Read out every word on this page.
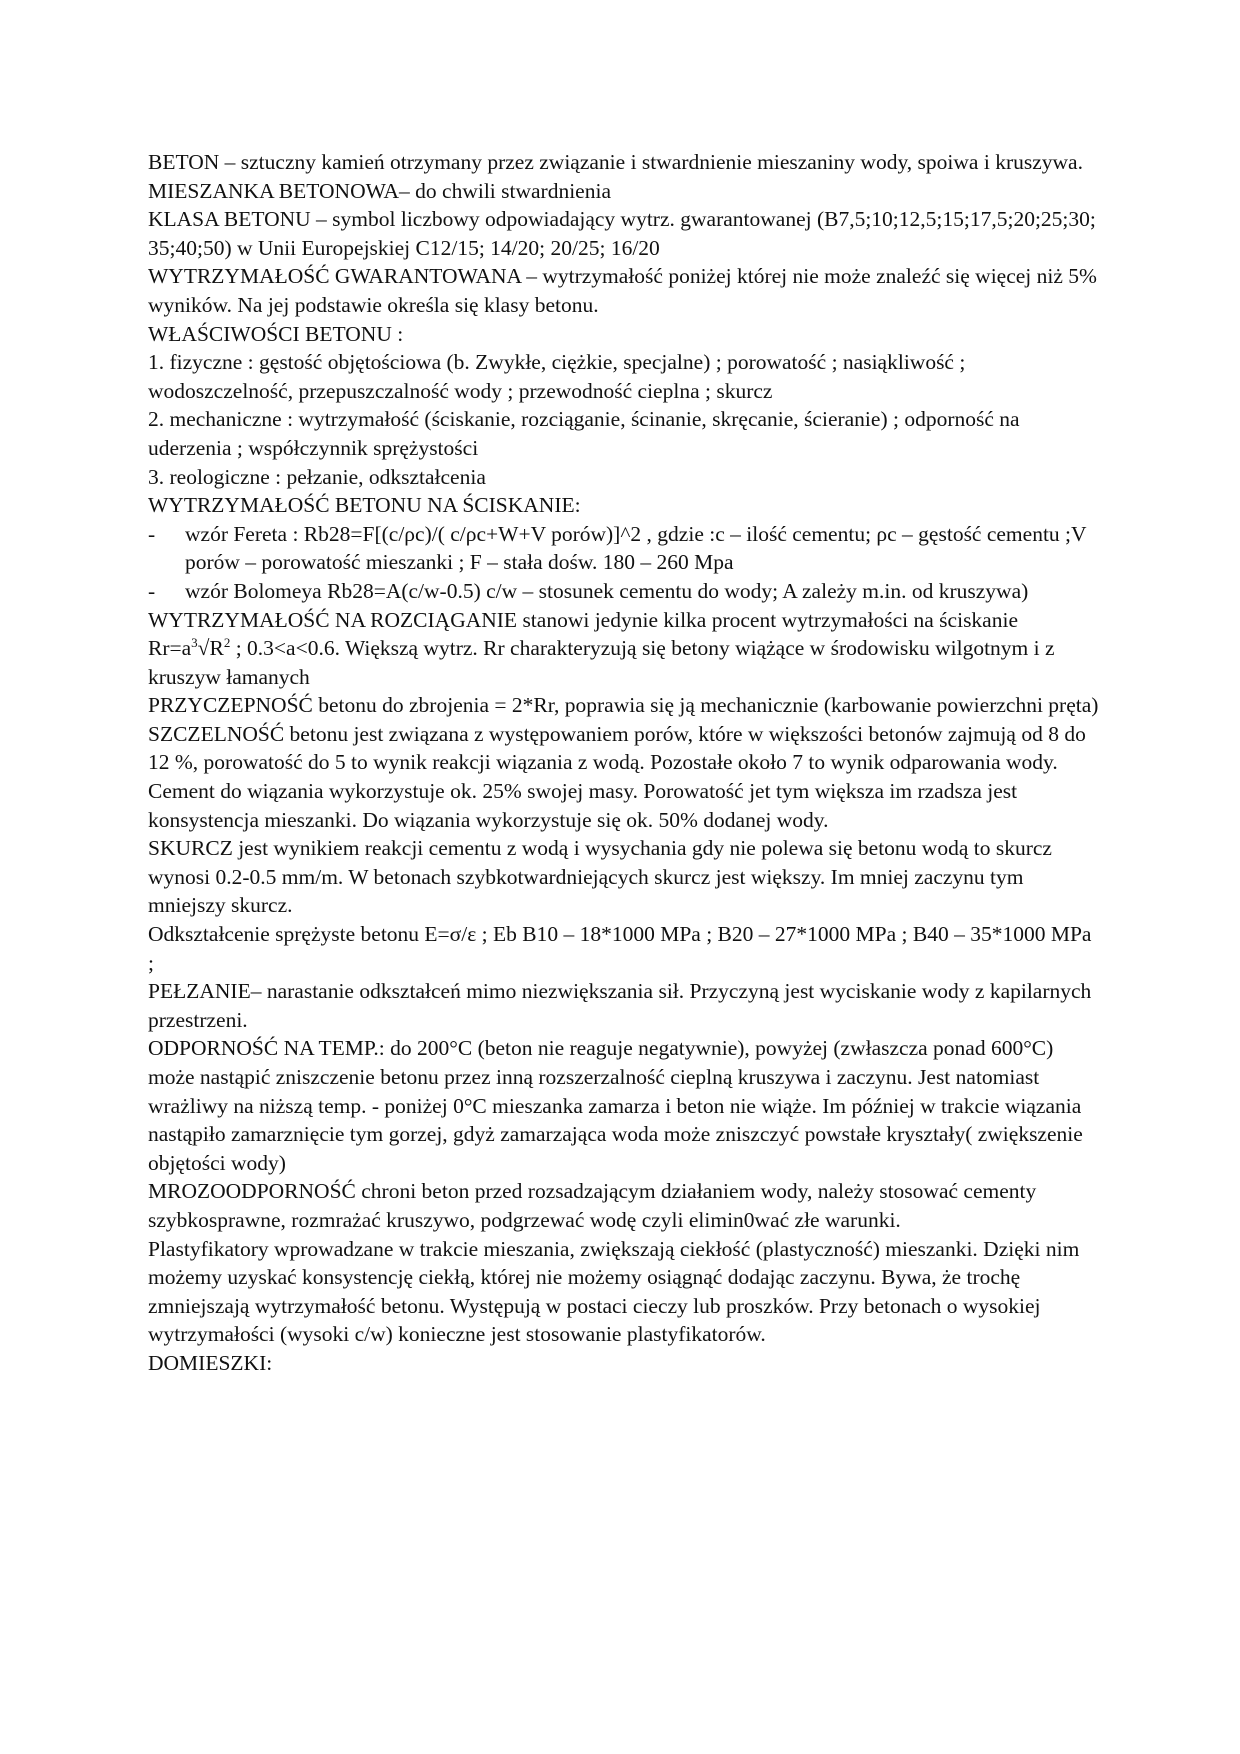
BETON – sztuczny kamień otrzymany przez związanie i stwardnienie mieszaniny wody, spoiwa i kruszywa.

MIESZANKA BETONOWA– do chwili stwardnienia

KLASA BETONU – symbol liczbowy odpowiadający wytrz. gwarantowanej (B7,5;10;12,5;15;17,5;20;25;30; 35;40;50) w Unii Europejskiej C12/15; 14/20; 20/25; 16/20

WYTRZYMAŁOŚĆ GWARANTOWANA – wytrzymałość poniżej której nie może znaleźć się więcej niż 5% wyników. Na jej podstawie określa się klasy betonu.

WŁAŚCIWOŚCI BETONU :

1. fizyczne : gęstość objętościowa (b. Zwykłe, ciężkie, specjalne) ; porowatość ; nasiąkliwość ; wodoszczelność, przepuszczalność wody ; przewodność cieplna ; skurcz

2. mechaniczne : wytrzymałość (ściskanie, rozciąganie, ścinanie, skręcanie, ścieranie) ; odporność na uderzenia ; współczynnik sprężystości

3. reologiczne : pełzanie, odkształcenia

WYTRZYMAŁOŚĆ BETONU NA ŚCISKANIE:

- wzór Fereta : Rb28=F[(c/ρc)/( c/ρc+W+V porów)]^2 , gdzie :c – ilość cementu; ρc – gęstość cementu ;V porów – porowatość mieszanki ; F – stała dośw. 180 – 260 Mpa
- wzór Bolomeya Rb28=A(c/w-0.5) c/w – stosunek cementu do wody; A zależy m.in. od kruszywa)

WYTRZYMAŁOŚĆ NA ROZCIĄGANIE stanowi jedynie kilka procent wytrzymałości na ściskanie $Rr=a^3√R^2$ ; 0.3<a<0.6. Większą wytrz. Rr charakteryzują się betony wiążące w środowisku wilgotnym i z kruszyw łamanych

PRZYCZEPNOŚĆ betonu do zbrojenia = 2*Rr, poprawia się ją mechanicznie (karbowanie powierzchni pręta)

SZCZELNOŚĆ betonu jest związana z występowaniem porów, które w większości betonów zajmują od 8 do 12 %, porowatość do 5 to wynik reakcji wiązania z wodą. Pozostałe około 7 to wynik odparowania wody. Cement do wiązania wykorzystuje ok. 25% swojej masy. Porowatość jet tym większa im rzadsza jest konsystencja mieszanki. Do wiązania wykorzystuje się ok. 50% dodanej wody.

SKURCZ jest wynikiem reakcji cementu z wodą i wysychania gdy nie polewa się betonu wodą to skurcz wynosi 0.2-0.5 mm/m. W betonach szybkotwardniejących skurcz jest większy. Im mniej zaczynu tym mniejszy skurcz.

Odkształcenie sprężyste betonu E=σ/ε ; Eb B10 – 18*1000 MPa ; B20 – 27*1000 MPa ; B40 – 35*1000 MPa ;

PEŁZANIE– narastanie odkształceń mimo niezwiększania sił. Przyczyną jest wyciskanie wody z kapilarnych przestrzeni.

ODPORNOŚĆ NA TEMP.: do 200°C (beton nie reaguje negatywnie), powyżej (zwłaszcza ponad 600°C) może nastąpić zniszczenie betonu przez inną rozszerzalność cieplną kruszywa i zaczynu. Jest natomiast wrażliwy na niższą temp. - poniżej 0°C mieszanka zamarza i beton nie wiąże. Im później w trakcie wiązania nastąpiło zamarznięcie tym gorzej, gdyż zamarzająca woda może zniszczyć powstałe kryształy( zwiększenie objętości wody)

MROZOODPORNOŚĆ chroni beton przed rozsadzającym działaniem wody, należy stosować cementy szybkosprawne, rozmrażać kruszywo, podgrzewać wodę czyli elimin0wać złe warunki.

Plastyfikatory wprowadzane w trakcie mieszania, zwiększają ciekłość (plastyczność) mieszanki. Dzięki nim możemy uzyskać konsystencję ciekłą, której nie możemy osiągnąć dodając zaczynu. Bywa, że trochę zmniejszają wytrzymałość betonu. Występują w postaci cieczy lub proszków. Przy betonach o wysokiej wytrzymałości (wysoki c/w) konieczne jest stosowanie plastyfikatorów.

DOMIESZKI:
